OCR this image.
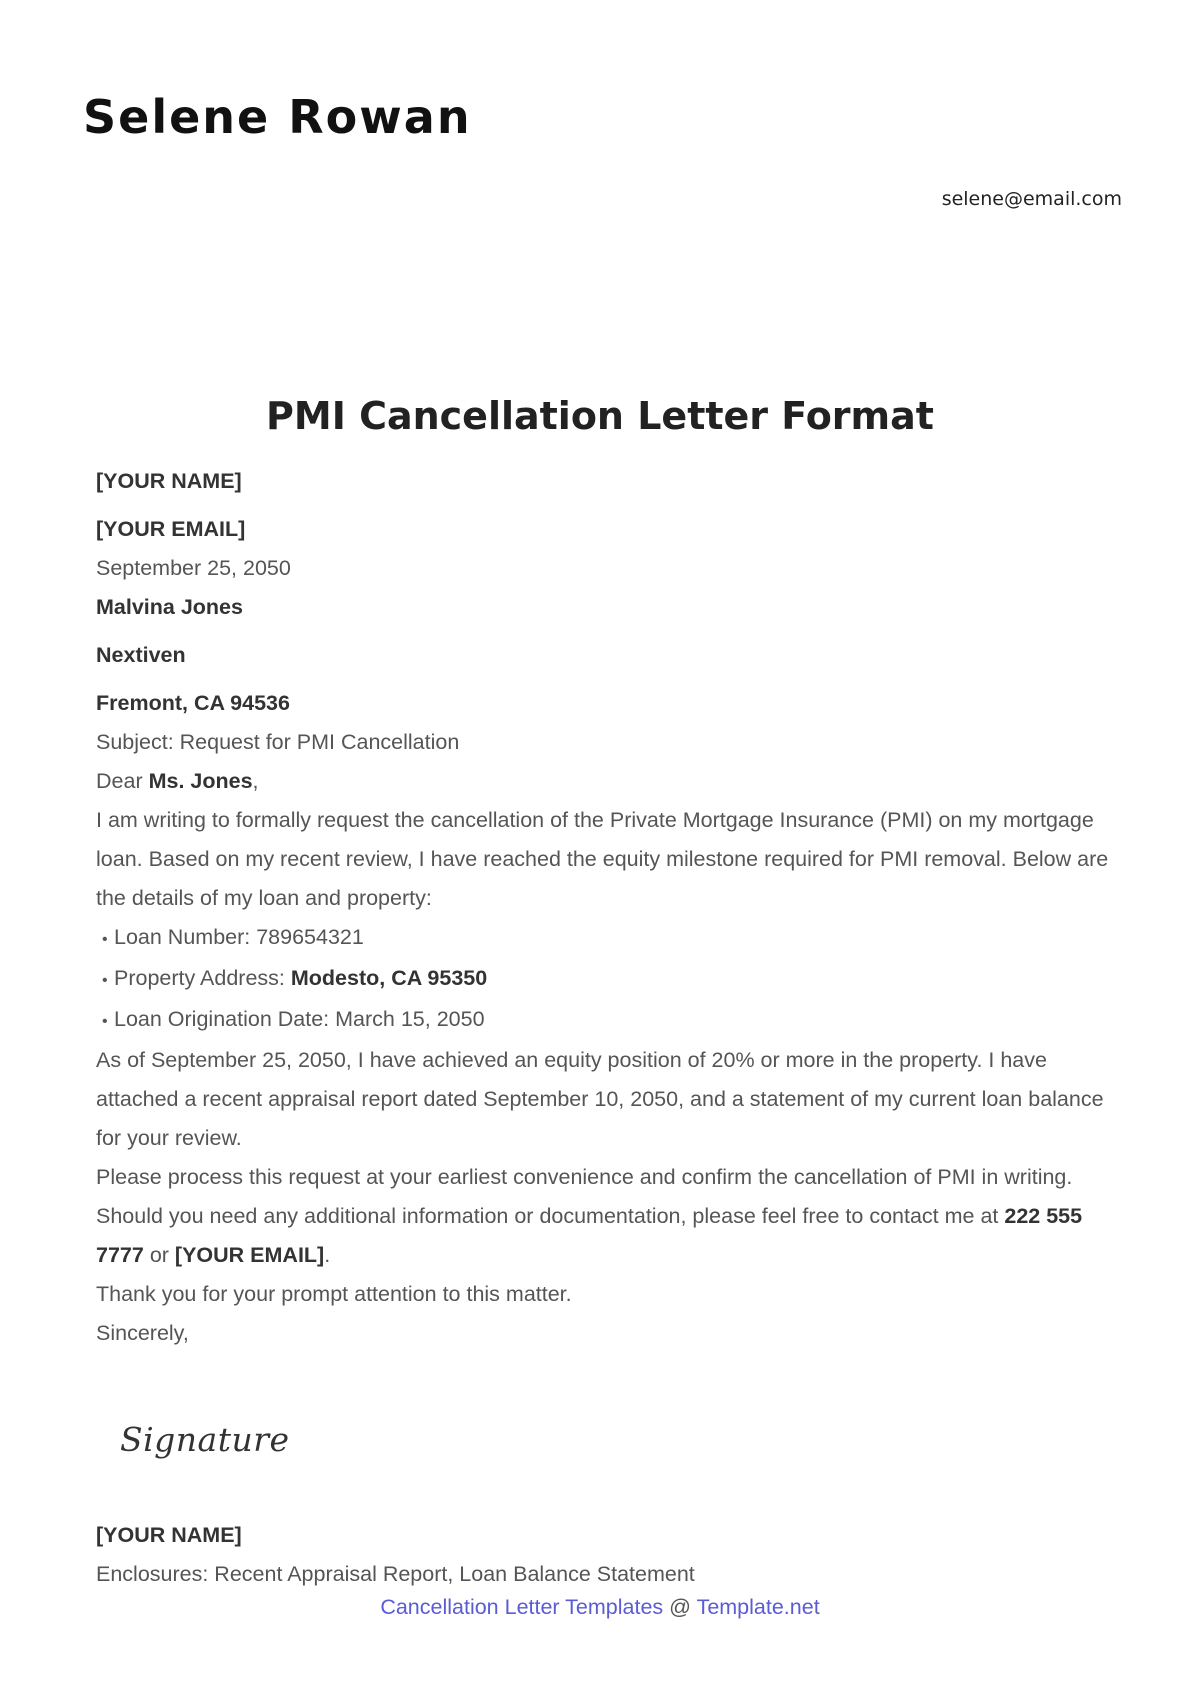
Selene Rowan
selene@email.com
PMI Cancellation Letter Format

[YOUR NAME]

[YOUR EMAIL]

September 25, 2050

Malvina Jones

Nextiven

Fremont, CA 94536

Subject: Request for PMI Cancellation

Dear Ms. Jones,

I am writing to formally request the cancellation of the Private Mortgage Insurance (PMI) on my mortgage loan. Based on my recent review, I have reached the equity milestone required for PMI removal. Below are the details of my loan and property:

• Loan Number: 789654321

• Property Address: Modesto, CA 95350

• Loan Origination Date: March 15, 2050

As of September 25, 2050, I have achieved an equity position of 20% or more in the property. I have attached a recent appraisal report dated September 10, 2050, and a statement of my current loan balance for your review.

Please process this request at your earliest convenience and confirm the cancellation of PMI in writing. Should you need any additional information or documentation, please feel free to contact me at 222 555 7777 or [YOUR EMAIL].

Thank you for your prompt attention to this matter.

Sincerely,

Signature

[YOUR NAME]

Enclosures: Recent Appraisal Report, Loan Balance Statement

Cancellation Letter Templates @ Template.net
